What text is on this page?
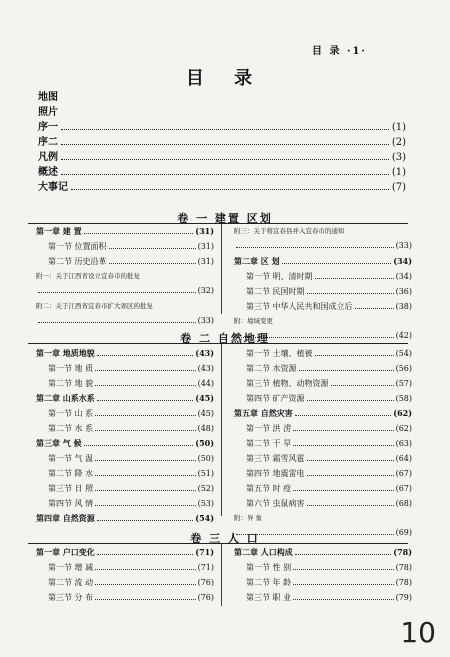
目 录 ·1·
目 录
地图
照片
序一	(1)
序二	(2)
凡例	(3)
概述	(1)
大事记	(7)
卷 一 建置 区划
第一章 建 置	(31)
第一节 位置面积	(31)
第二节 历史沿革	(31)
附一：关于江西省设立宜春市的批复
(32)
附二：关于江西省宜春市扩大郊区的批复
(33)
附三：关于将宜春县并入宜春市的通知
(33)
第二章 区 划	(34)
第一节 明、清时期	(34)
第二节 民国时期	(36)
第三节 中华人民共和国成立后	(38)
附：境域变更
(42)
卷 二 自然地理
第一章 地质地貌	(43)
第一节 地 质	(43)
第二节 地 貌	(44)
第二章 山系水系	(45)
第一节 山 系	(45)
第二节 水 系	(48)
第三章 气 候	(50)
第一节 气 温	(50)
第二节 降 水	(51)
第三节 日 照	(52)
第四节 风 情	(53)
第四章 自然资源	(54)
第一节 土壤、植被	(54)
第二节 水资源	(56)
第三节 植物、动物资源	(57)
第四节 矿产资源	(58)
第五章 自然灾害	(62)
第一节 洪 涝	(62)
第二节 干 旱	(63)
第三节 霜雪风雹	(64)
第四节 地震雷电	(67)
第五节 时 疫	(67)
第六节 虫鼠病害	(68)
附：异 象
(69)
卷 三 人 口
第一章 户口变化	(71)
第一节 增 减	(71)
第二节 流 动	(76)
第三节 分 布	(76)
第二章 人口构成	(78)
第一节 性 别	(78)
第二节 年 龄	(78)
第三节 职 业	(79)
10
